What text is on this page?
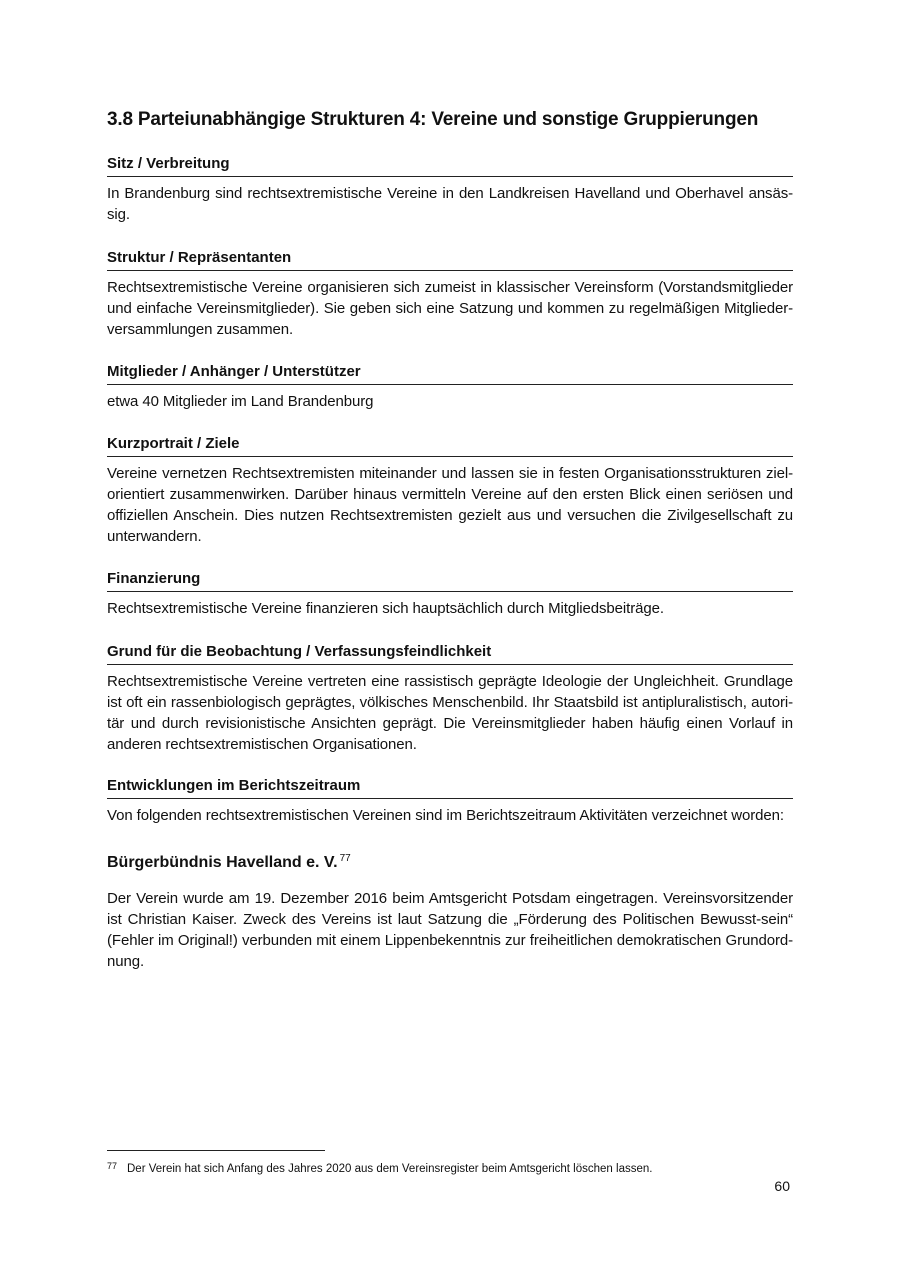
3.8 Parteiunabhängige Strukturen 4: Vereine und sonstige Gruppierungen
Sitz / Verbreitung

In Brandenburg sind rechtsextremistische Vereine in den Landkreisen Havelland und Oberhavel ansäs-sig.

Struktur / Repräsentanten

Rechtsextremistische Vereine organisieren sich zumeist in klassischer Vereinsform (Vorstandsmitglieder und einfache Vereinsmitglieder). Sie geben sich eine Satzung und kommen zu regelmäßigen Mitglieder-versammlungen zusammen.

Mitglieder / Anhänger / Unterstützer

etwa 40 Mitglieder im Land Brandenburg

Kurzportrait / Ziele

Vereine vernetzen Rechtsextremisten miteinander und lassen sie in festen Organisationsstrukturen ziel-orientiert zusammenwirken. Darüber hinaus vermitteln Vereine auf den ersten Blick einen seriösen und offiziellen Anschein. Dies nutzen Rechtsextremisten gezielt aus und versuchen die Zivilgesellschaft zu unterwandern.

Finanzierung

Rechtsextremistische Vereine finanzieren sich hauptsächlich durch Mitgliedsbeiträge.

Grund für die Beobachtung / Verfassungsfeindlichkeit

Rechtsextremistische Vereine vertreten eine rassistisch geprägte Ideologie der Ungleichheit. Grundlage ist oft ein rassenbiologisch geprägtes, völkisches Menschenbild. Ihr Staatsbild ist antipluralistisch, autori-tär und durch revisionistische Ansichten geprägt. Die Vereinsmitglieder haben häufig einen Vorlauf in anderen rechtsextremistischen Organisationen.

Entwicklungen im Berichtszeitraum

Von folgenden rechtsextremistischen Vereinen sind im Berichtszeitraum Aktivitäten verzeichnet worden:

Bürgerbündnis Havelland e. V. $^{77}$

Der Verein wurde am 19. Dezember 2016 beim Amtsgericht Potsdam eingetragen. Vereinsvorsitzender ist Christian Kaiser. Zweck des Vereins ist laut Satzung die „Förderung des Politischen Bewusst-sein“ (Fehler im Original!) verbunden mit einem Lippenbekenntnis zur freiheitlichen demokratischen Grundord-nung.

77 Der Verein hat sich Anfang des Jahres 2020 aus dem Vereinsregister beim Amtsgericht löschen lassen.
60
